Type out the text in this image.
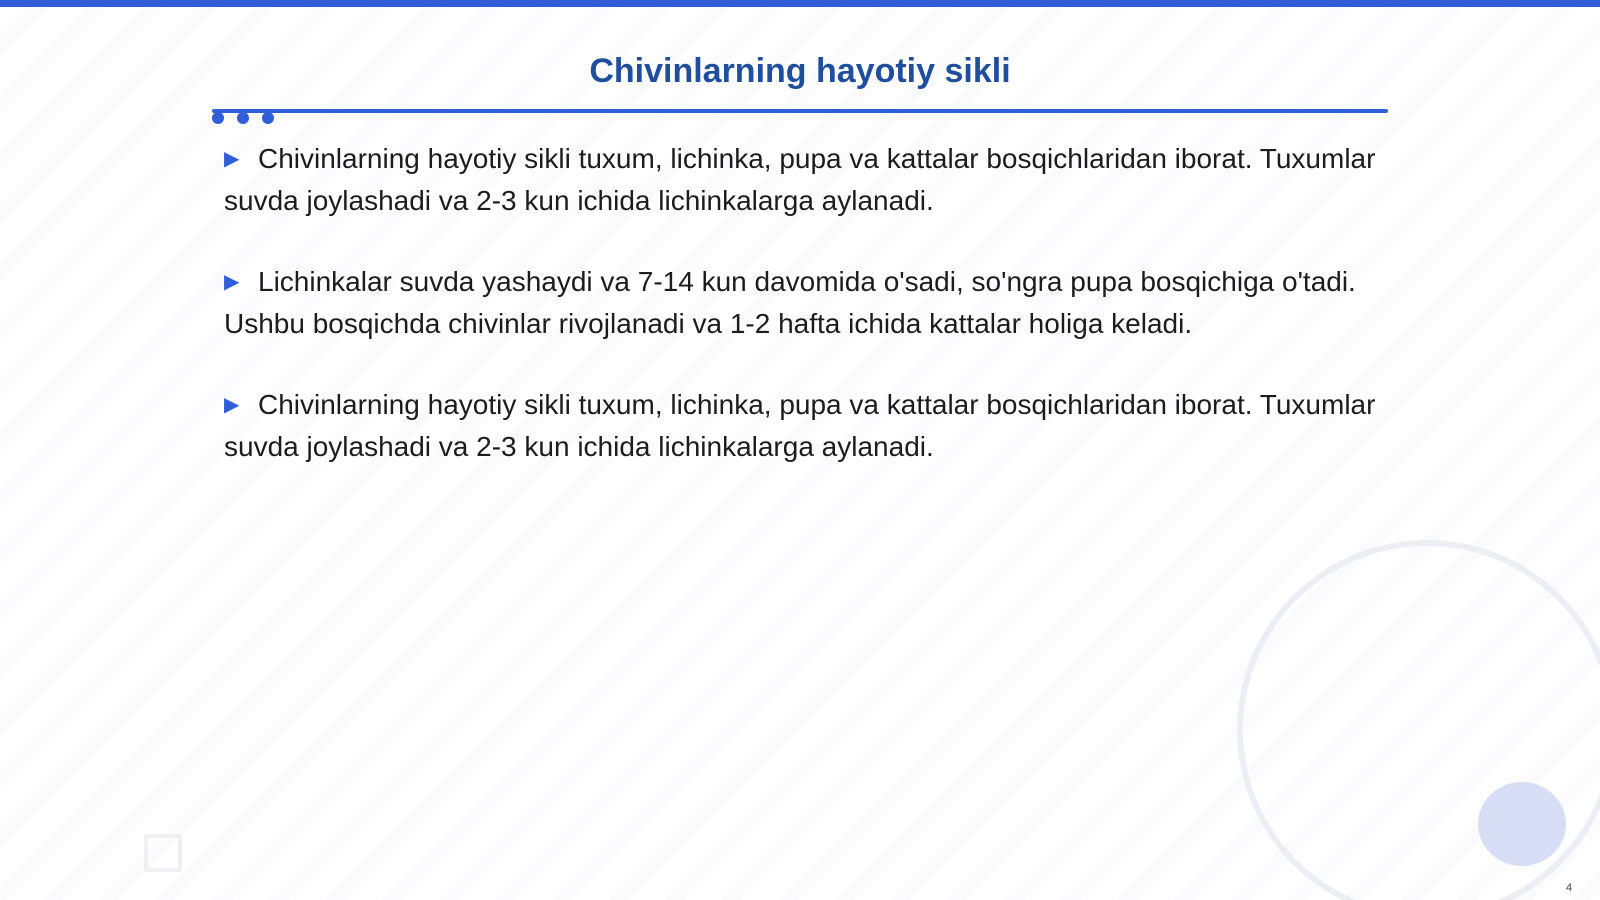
Chivinlarning hayotiy sikli

▶ Chivinlarning hayotiy sikli tuxum, lichinka, pupa va kattalar bosqichlaridan iborat. Tuxumlar suvda joylashadi va 2-3 kun ichida lichinkalarga aylanadi.

▶ Lichinkalar suvda yashaydi va 7-14 kun davomida o'sadi, so'ngra pupa bosqichiga o'tadi. Ushbu bosqichda chivinlar rivojlanadi va 1-2 hafta ichida kattalar holiga keladi.

▶ Chivinlarning hayotiy sikli tuxum, lichinka, pupa va kattalar bosqichlaridan iborat. Tuxumlar suvda joylashadi va 2-3 kun ichida lichinkalarga aylanadi.

4
